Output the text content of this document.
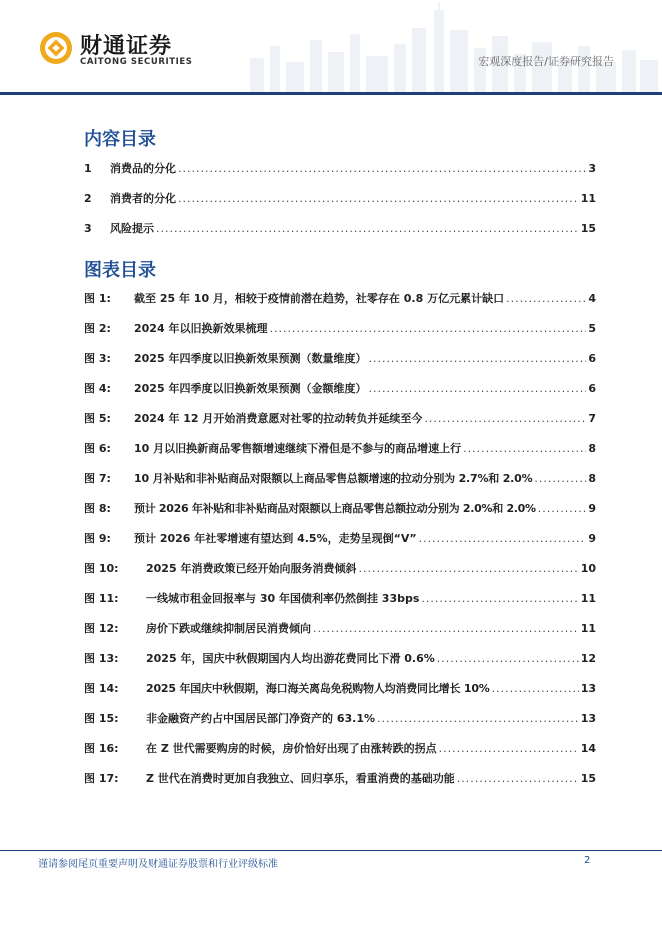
财通证券
CAITONG SECURITIES	宏观深度报告/证券研究报告
内容目录
1	消费品的分化 .....	3
2	消费者的分化 .....	11
3	风险提示 .....	15
图表目录
图 1:	截至 25 年 10 月，相较于疫情前潜在趋势，社零存在 0.8 万亿元累计缺口 .....	4
图 2:	2024 年以旧换新效果梳理 .....	5
图 3:	2025 年四季度以旧换新效果预测（数量维度） .....	6
图 4:	2025 年四季度以旧换新效果预测（金额维度） .....	6
图 5:	2024 年 12 月开始消费意愿对社零的拉动转负并延续至今 .....	7
图 6:	10 月以旧换新商品零售额增速继续下滑但是不参与的商品增速上行 .....	8
图 7:	10 月补贴和非补贴商品对限额以上商品零售总额增速的拉动分别为 2.7%和 2.0% .....	8
图 8:	预计 2026 年补贴和非补贴商品对限额以上商品零售总额拉动分别为 2.0%和 2.0% .....	9
图 9:	预计 2026 年社零增速有望达到 4.5%，走势呈现倒“V” .....	9
图 10:	2025 年消费政策已经开始向服务消费倾斜 .....	10
图 11:	一线城市租金回报率与 30 年国债利率仍然倒挂 33bps .....	11
图 12:	房价下跌或继续抑制居民消费倾向 .....	11
图 13:	2025 年，国庆中秋假期国内人均出游花费同比下滑 0.6% .....	12
图 14:	2025 年国庆中秋假期，海口海关离岛免税购物人均消费同比增长 10% .....	13
图 15:	非金融资产约占中国居民部门净资产的 63.1% .....	13
图 16:	在 Z 世代需要购房的时候，房价恰好出现了由涨转跌的拐点 .....	14
图 17:	Z 世代在消费时更加自我独立、回归享乐，看重消费的基础功能 .....	15
谨请参阅尾页重要声明及财通证券股票和行业评级标准	2
